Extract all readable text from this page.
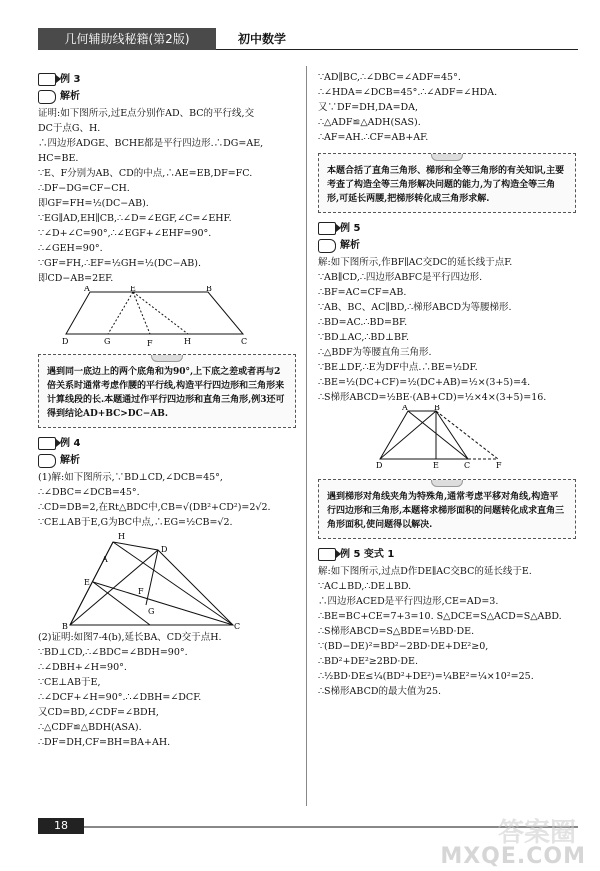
几何辅助线秘籍(第2版)	初中数学
例 3
解析
证明:如下图所示,过E点分别作AD、BC的平行线,交
DC于点G、H.
∴四边形ADGE、BCHE都是平行四边形.∴DG=AE,
HC=BE.
∵E、F分别为AB、CD的中点,∴AE=EB,DF=FC.
∴DF−DG=CF−CH.
即GF=FH=½(DC−AB).
∵EG∥AD,EH∥CB,∴∠D=∠EGF,∠C=∠EHF.
∵∠D+∠C=90°,∴∠EGF+∠EHF=90°.
∴∠GEH=90°.
∵GF=FH,∴EF=½GH=½(DC−AB).
即CD−AB=2EF.
A	E	B
D	G	F	H	C
遇到同一底边上的两个底角和为90°,上下底之差或者再与2倍关系时通常考虑作腰的平行线,构造平行四边形和三角形来计算线段的长.本题通过作平行四边形和直角三角形,例3还可得到结论AD+BC>DC−AB.
例 4
解析
(1)解:如下图所示,∵BD⊥CD,∠DCB=45°,
∴∠DBC=∠DCB=45°.
∴CD=DB=2,在Rt△BDC中,CB=√(DB²+CD²)=2√2.
∵CE⊥AB于E,G为BC中点,∴EG=½CB=√2.
H
A
D
E
F
G
B	C
(2)证明:如图7-4(b),延长BA、CD交于点H.
∵BD⊥CD,∴∠BDC=∠BDH=90°.
∴∠DBH+∠H=90°.
∵CE⊥AB于E,
∴∠DCF+∠H=90°.∴∠DBH=∠DCF.
又CD=BD,∠CDF=∠BDH,
∴△CDF≌△BDH(ASA).
∴DF=DH,CF=BH=BA+AH.
∵AD∥BC,∴∠DBC=∠ADF=45°.
∴∠HDA=∠DCB=45°.∴∠ADF=∠HDA.
又∵DF=DH,DA=DA,
∴△ADF≌△ADH(SAS).
∴AF=AH.∴CF=AB+AF.
本题合括了直角三角形、梯形和全等三角形的有关知识,主要考查了构造全等三角形解决问题的能力,为了构造全等三角形,可延长两腰,把梯形转化成三角形求解.
例 5
解析
解:如下图所示,作BF∥AC交DC的延长线于点F.
∵AB∥CD,∴四边形ABFC是平行四边形.
∴BF=AC=CF=AB.
∵AB、BC、AC∥BD,∴梯形ABCD为等腰梯形.
∴BD=AC.∴BD=BF.
∵BD⊥AC,∴BD⊥BF.
∴△BDF为等腰直角三角形.
∵BE⊥DF,∴E为DF中点.∴BE=½DF.
∴BE=½(DC+CF)=½(DC+AB)=½×(3+5)=4.
∴S梯形ABCD=½BE·(AB+CD)=½×4×(3+5)=16.
A	B
D	E	C	F
遇到梯形对角线夹角为特殊角,通常考虑平移对角线,构造平行四边形和三角形,本题将求梯形面积的问题转化成求直角三角形面积,使问题得以解决.
例 5 变式 1
解:如下图所示,过点D作DE∥AC交BC的延长线于E.
∵AC⊥BD,∴DE⊥BD.
∴四边形ACED是平行四边形,CE=AD=3.
∴BE=BC+CE=7+3=10. S△DCE=S△ACD=S△ABD.
∴S梯形ABCD=S△BDE=½BD·DE.
∵(BD−DE)²=BD²−2BD·DE+DE²≥0,
∴BD²+DE²≥2BD·DE.
∴½BD·DE≤¼(BD²+DE²)=¼BE²=¼×10²=25.
∴S梯形ABCD的最大值为25.
18	答案圈
MXQE.COM
